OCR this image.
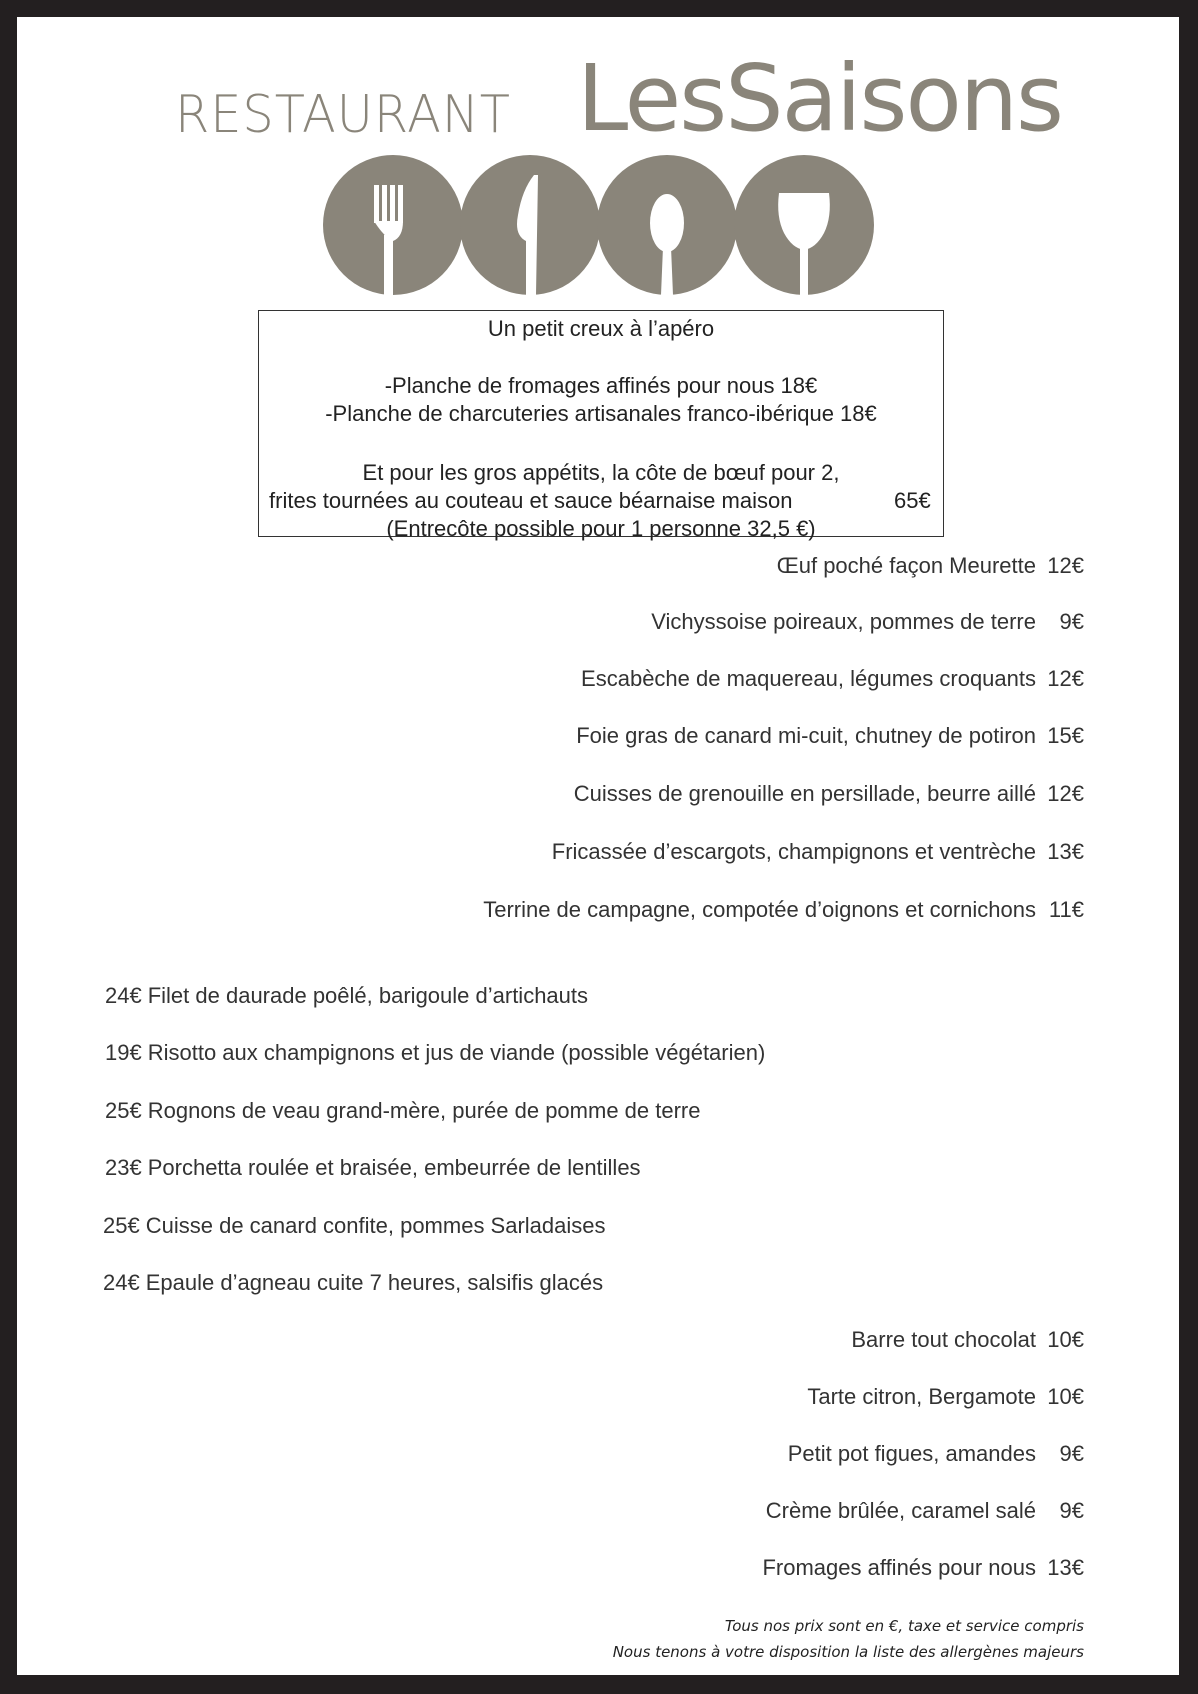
RESTAURANT LesSaisons
Un petit creux à l’apéro
-Planche de fromages affinés pour nous 18€
-Planche de charcuteries artisanales franco-ibérique 18€
Et pour les gros appétits, la côte de bœuf pour 2,
frites tournées au couteau et sauce béarnaise maison	65€
(Entrecôte possible pour 1 personne 32,5 €)
Œuf poché façon Meurette 12€
Vichyssoise poireaux, pommes de terre 9€
Escabèche de maquereau, légumes croquants 12€
Foie gras de canard mi-cuit, chutney de potiron 15€
Cuisses de grenouille en persillade, beurre aillé 12€
Fricassée d’escargots, champignons et ventrèche 13€
Terrine de campagne, compotée d’oignons et cornichons 11€
24€ Filet de daurade poêlé, barigoule d’artichauts
19€ Risotto aux champignons et jus de viande (possible végétarien)
25€ Rognons de veau grand-mère, purée de pomme de terre
23€ Porchetta roulée et braisée, embeurrée de lentilles
25€ Cuisse de canard confite, pommes Sarladaises
24€ Epaule d’agneau cuite 7 heures, salsifis glacés
Barre tout chocolat 10€
Tarte citron, Bergamote 10€
Petit pot figues, amandes 9€
Crème brûlée, caramel salé 9€
Fromages affinés pour nous 13€
Tous nos prix sont en €, taxe et service compris
Nous tenons à votre disposition la liste des allergènes majeurs
